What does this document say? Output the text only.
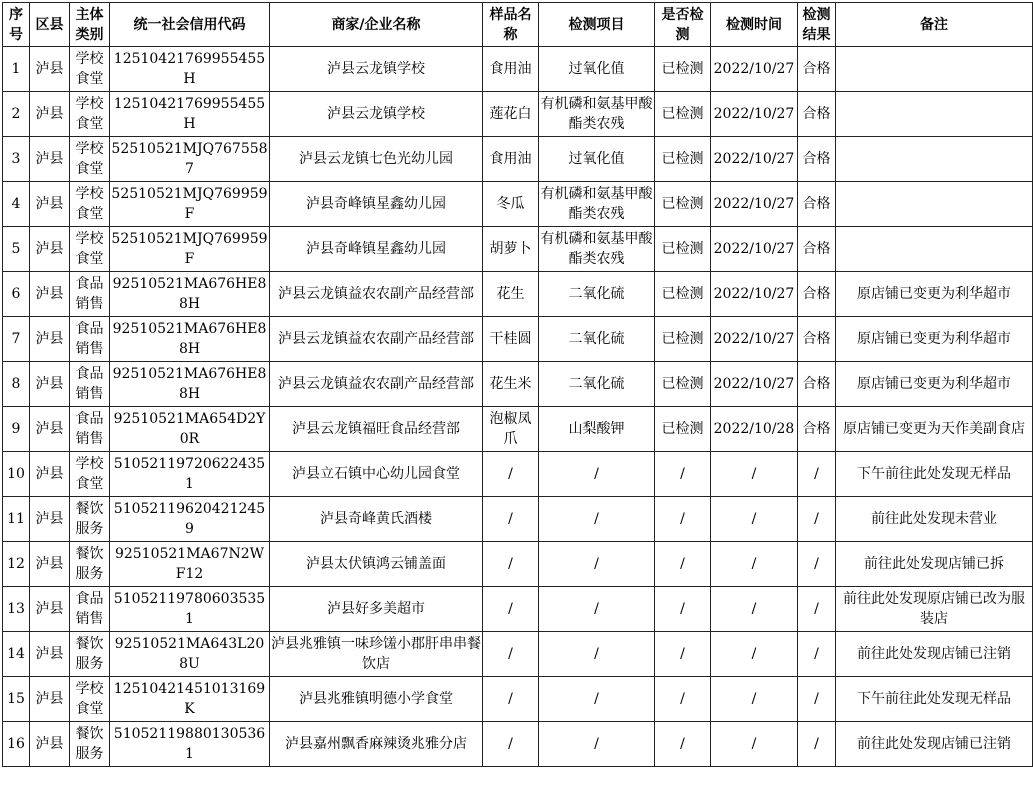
序号	区县	主体类别	统一社会信用代码	商家/企业名称	样品名称	检测项目	是否检测	检测时间	检测结果	备注
1	泸县	学校食堂	12510421769955455H	泸县云龙镇学校	食用油	过氧化值	已检测	2022/10/27	合格	
2	泸县	学校食堂	12510421769955455H	泸县云龙镇学校	莲花白	有机磷和氨基甲酸酯类农残	已检测	2022/10/27	合格	
3	泸县	学校食堂	52510521MJQ7675587	泸县云龙镇七色光幼儿园	食用油	过氧化值	已检测	2022/10/27	合格	
4	泸县	学校食堂	52510521MJQ769959F	泸县奇峰镇星鑫幼儿园	冬瓜	有机磷和氨基甲酸酯类农残	已检测	2022/10/27	合格	
5	泸县	学校食堂	52510521MJQ769959F	泸县奇峰镇星鑫幼儿园	胡萝卜	有机磷和氨基甲酸酯类农残	已检测	2022/10/27	合格	
6	泸县	食品销售	92510521MA676HE88H	泸县云龙镇益农农副产品经营部	花生	二氧化硫	已检测	2022/10/27	合格	原店铺已变更为利华超市
7	泸县	食品销售	92510521MA676HE88H	泸县云龙镇益农农副产品经营部	干桂圆	二氧化硫	已检测	2022/10/27	合格	原店铺已变更为利华超市
8	泸县	食品销售	92510521MA676HE88H	泸县云龙镇益农农副产品经营部	花生米	二氧化硫	已检测	2022/10/27	合格	原店铺已变更为利华超市
9	泸县	食品销售	92510521MA654D2Y0R	泸县云龙镇福旺食品经营部	泡椒凤爪	山梨酸钾	已检测	2022/10/28	合格	原店铺已变更为天作美副食店
10	泸县	学校食堂	510521197206224351	泸县立石镇中心幼儿园食堂	/	/	/	/	/	下午前往此处发现无样品
11	泸县	餐饮服务	510521196204212459	泸县奇峰黄氏酒楼	/	/	/	/	/	前往此处发现未营业
12	泸县	餐饮服务	92510521MA67N2WF12	泸县太伏镇鸿云铺盖面	/	/	/	/	/	前往此处发现店铺已拆
13	泸县	食品销售	510521197806035351	泸县好多美超市	/	/	/	/	/	前往此处发现原店铺已改为服装店
14	泸县	餐饮服务	92510521MA643L208U	泸县兆雅镇一味珍馐小郡肝串串餐饮店	/	/	/	/	/	前往此处发现店铺已注销
15	泸县	学校食堂	12510421451013169K	泸县兆雅镇明德小学食堂	/	/	/	/	/	下午前往此处发现无样品
16	泸县	餐饮服务	510521198801305361	泸县嘉州飘香麻辣烫兆雅分店	/	/	/	/	/	前往此处发现店铺已注销
